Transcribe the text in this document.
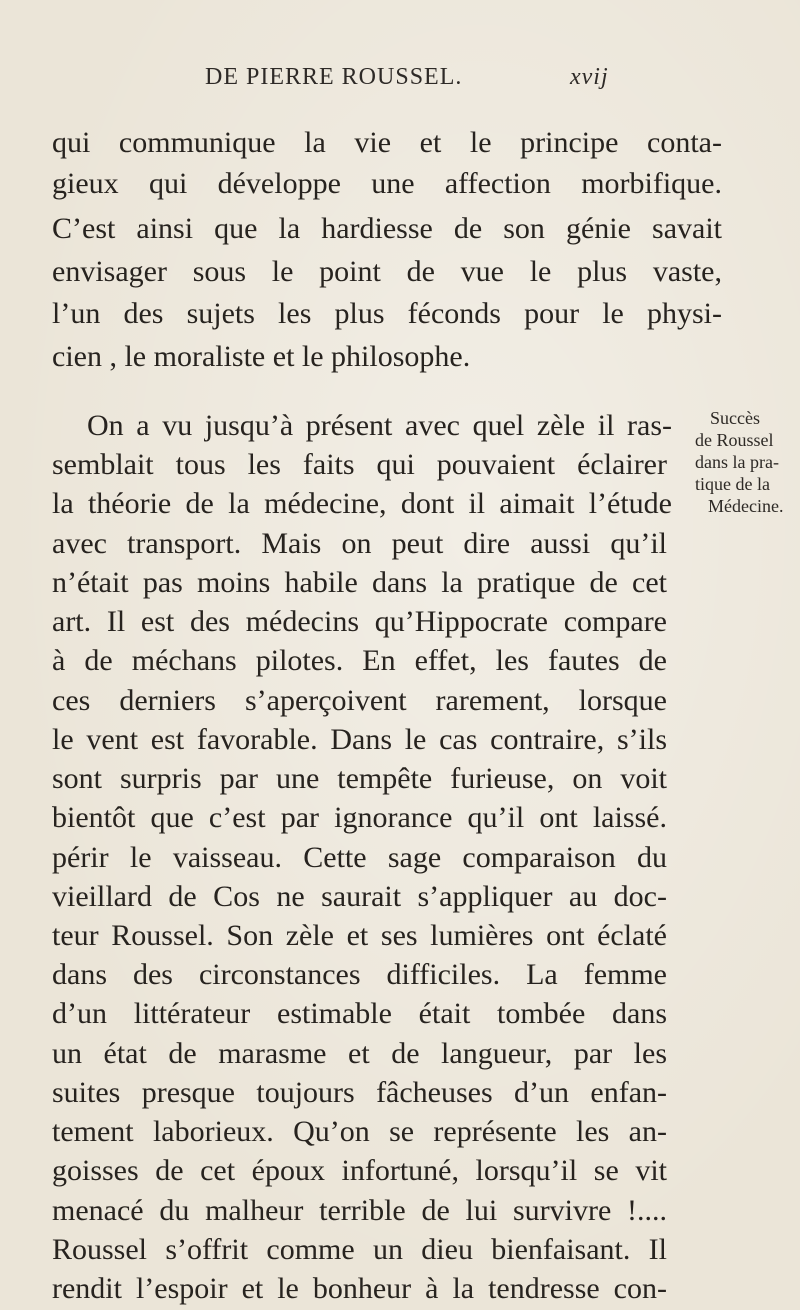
DE PIERRE ROUSSEL.	xvij
qui communique la vie et le principe conta-
gieux qui développe une affection morbifique.
C’est ainsi que la hardiesse de son génie savait
envisager sous le point de vue le plus vaste,
l’un des sujets les plus féconds pour le physi-
cien , le moraliste et le philosophe.
On a vu jusqu’à présent avec quel zèle il ras-
semblait tous les faits qui pouvaient éclairer
la théorie de la médecine, dont il aimait l’étude
avec transport. Mais on peut dire aussi qu’il
n’était pas moins habile dans la pratique de cet
art. Il est des médecins qu’Hippocrate compare
à de méchans pilotes. En effet, les fautes de
ces derniers s’aperçoivent rarement, lorsque
le vent est favorable. Dans le cas contraire, s’ils
sont surpris par une tempête furieuse, on voit
bientôt que c’est par ignorance qu’il ont laissé.
périr le vaisseau. Cette sage comparaison du
vieillard de Cos ne saurait s’appliquer au doc-
teur Roussel. Son zèle et ses lumières ont éclaté
dans des circonstances difficiles. La femme
d’un littérateur estimable était tombée dans
un état de marasme et de langueur, par les
suites presque toujours fâcheuses d’un enfan-
tement laborieux. Qu’on se représente les an-
goisses de cet époux infortuné, lorsqu’il se vit
menacé du malheur terrible de lui survivre !....
Roussel s’offrit comme un dieu bienfaisant. Il
rendit l’espoir et le bonheur à la tendresse con-
Succès
de Roussel
dans la pra-
tique de la
Médecine.
